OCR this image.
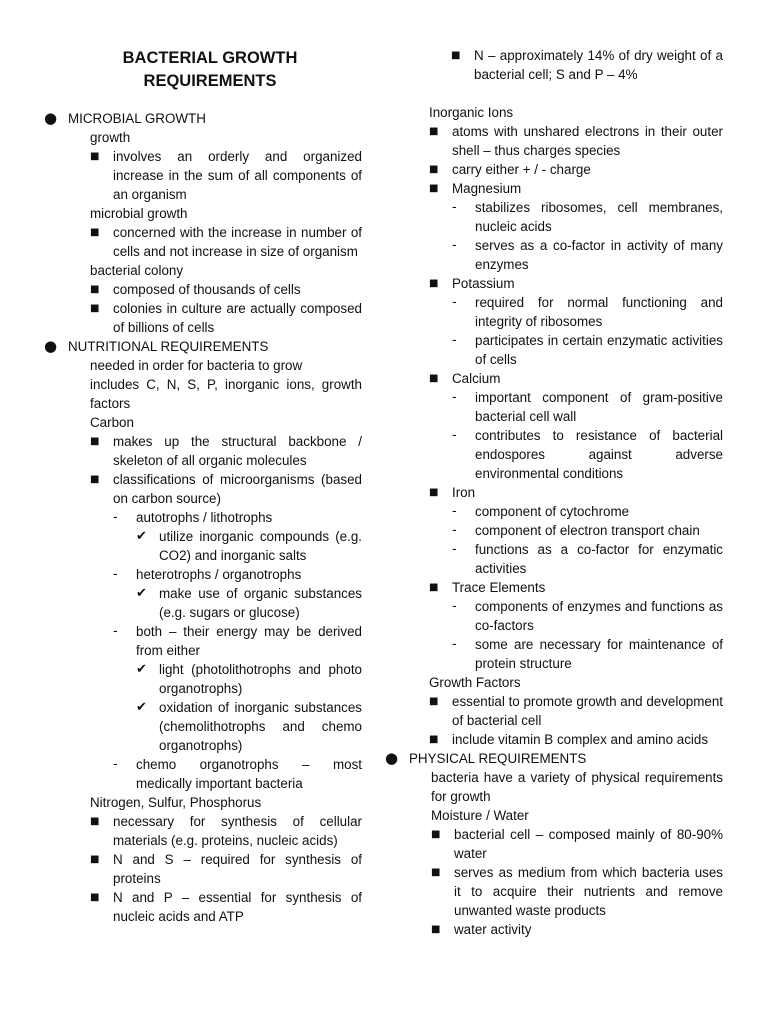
BACTERIAL GROWTH REQUIREMENTS
● MICROBIAL GROWTH
growth
■	involves an orderly and organized increase in the sum of all components of an organism
microbial growth
■	concerned with the increase in number of cells and not increase in size of organism
bacterial colony
■	composed of thousands of cells
■	colonies in culture are actually composed of billions of cells
● NUTRITIONAL REQUIREMENTS
needed in order for bacteria to grow
includes C, N, S, P, inorganic ions, growth factors
Carbon
■	makes up the structural backbone / skeleton of all organic molecules
■	classifications of microorganisms (based on carbon source)
-	autotrophs / lithotrophs
✔ utilize inorganic compounds (e.g. CO2) and inorganic salts
-	heterotrophs / organotrophs
✔ make use of organic substances (e.g. sugars or glucose)
-	both – their energy may be derived from either
✔ light (photolithotrophs and photo organotrophs)
✔ oxidation of inorganic substances (chemolithotrophs and chemo organotrophs)
-	chemo organotrophs – most medically important bacteria
Nitrogen, Sulfur, Phosphorus
■	necessary for synthesis of cellular materials (e.g. proteins, nucleic acids)
■	N and S – required for synthesis of proteins
■	N and P – essential for synthesis of nucleic acids and ATP
■	N – approximately 14% of dry weight of a bacterial cell; S and P – 4%
Inorganic Ions
■	atoms with unshared electrons in their outer shell – thus charges species
■	carry either + / - charge
■	Magnesium
-	stabilizes ribosomes, cell membranes, nucleic acids
-	serves as a co-factor in activity of many enzymes
■	Potassium
-	required for normal functioning and integrity of ribosomes
-	participates in certain enzymatic activities of cells
■	Calcium
-	important component of gram-positive bacterial cell wall
-	contributes to resistance of bacterial endospores against adverse environmental conditions
■	Iron
-	component of cytochrome
-	component of electron transport chain
-	functions as a co-factor for enzymatic activities
■	Trace Elements
-	components of enzymes and functions as co-factors
-	some are necessary for maintenance of protein structure
Growth Factors
■	essential to promote growth and development of bacterial cell
■	include vitamin B complex and amino acids
● PHYSICAL REQUIREMENTS
bacteria have a variety of physical requirements for growth
Moisture / Water
■	bacterial cell – composed mainly of 80-90% water
■	serves as medium from which bacteria uses it to acquire their nutrients and remove unwanted waste products
■	water activity
